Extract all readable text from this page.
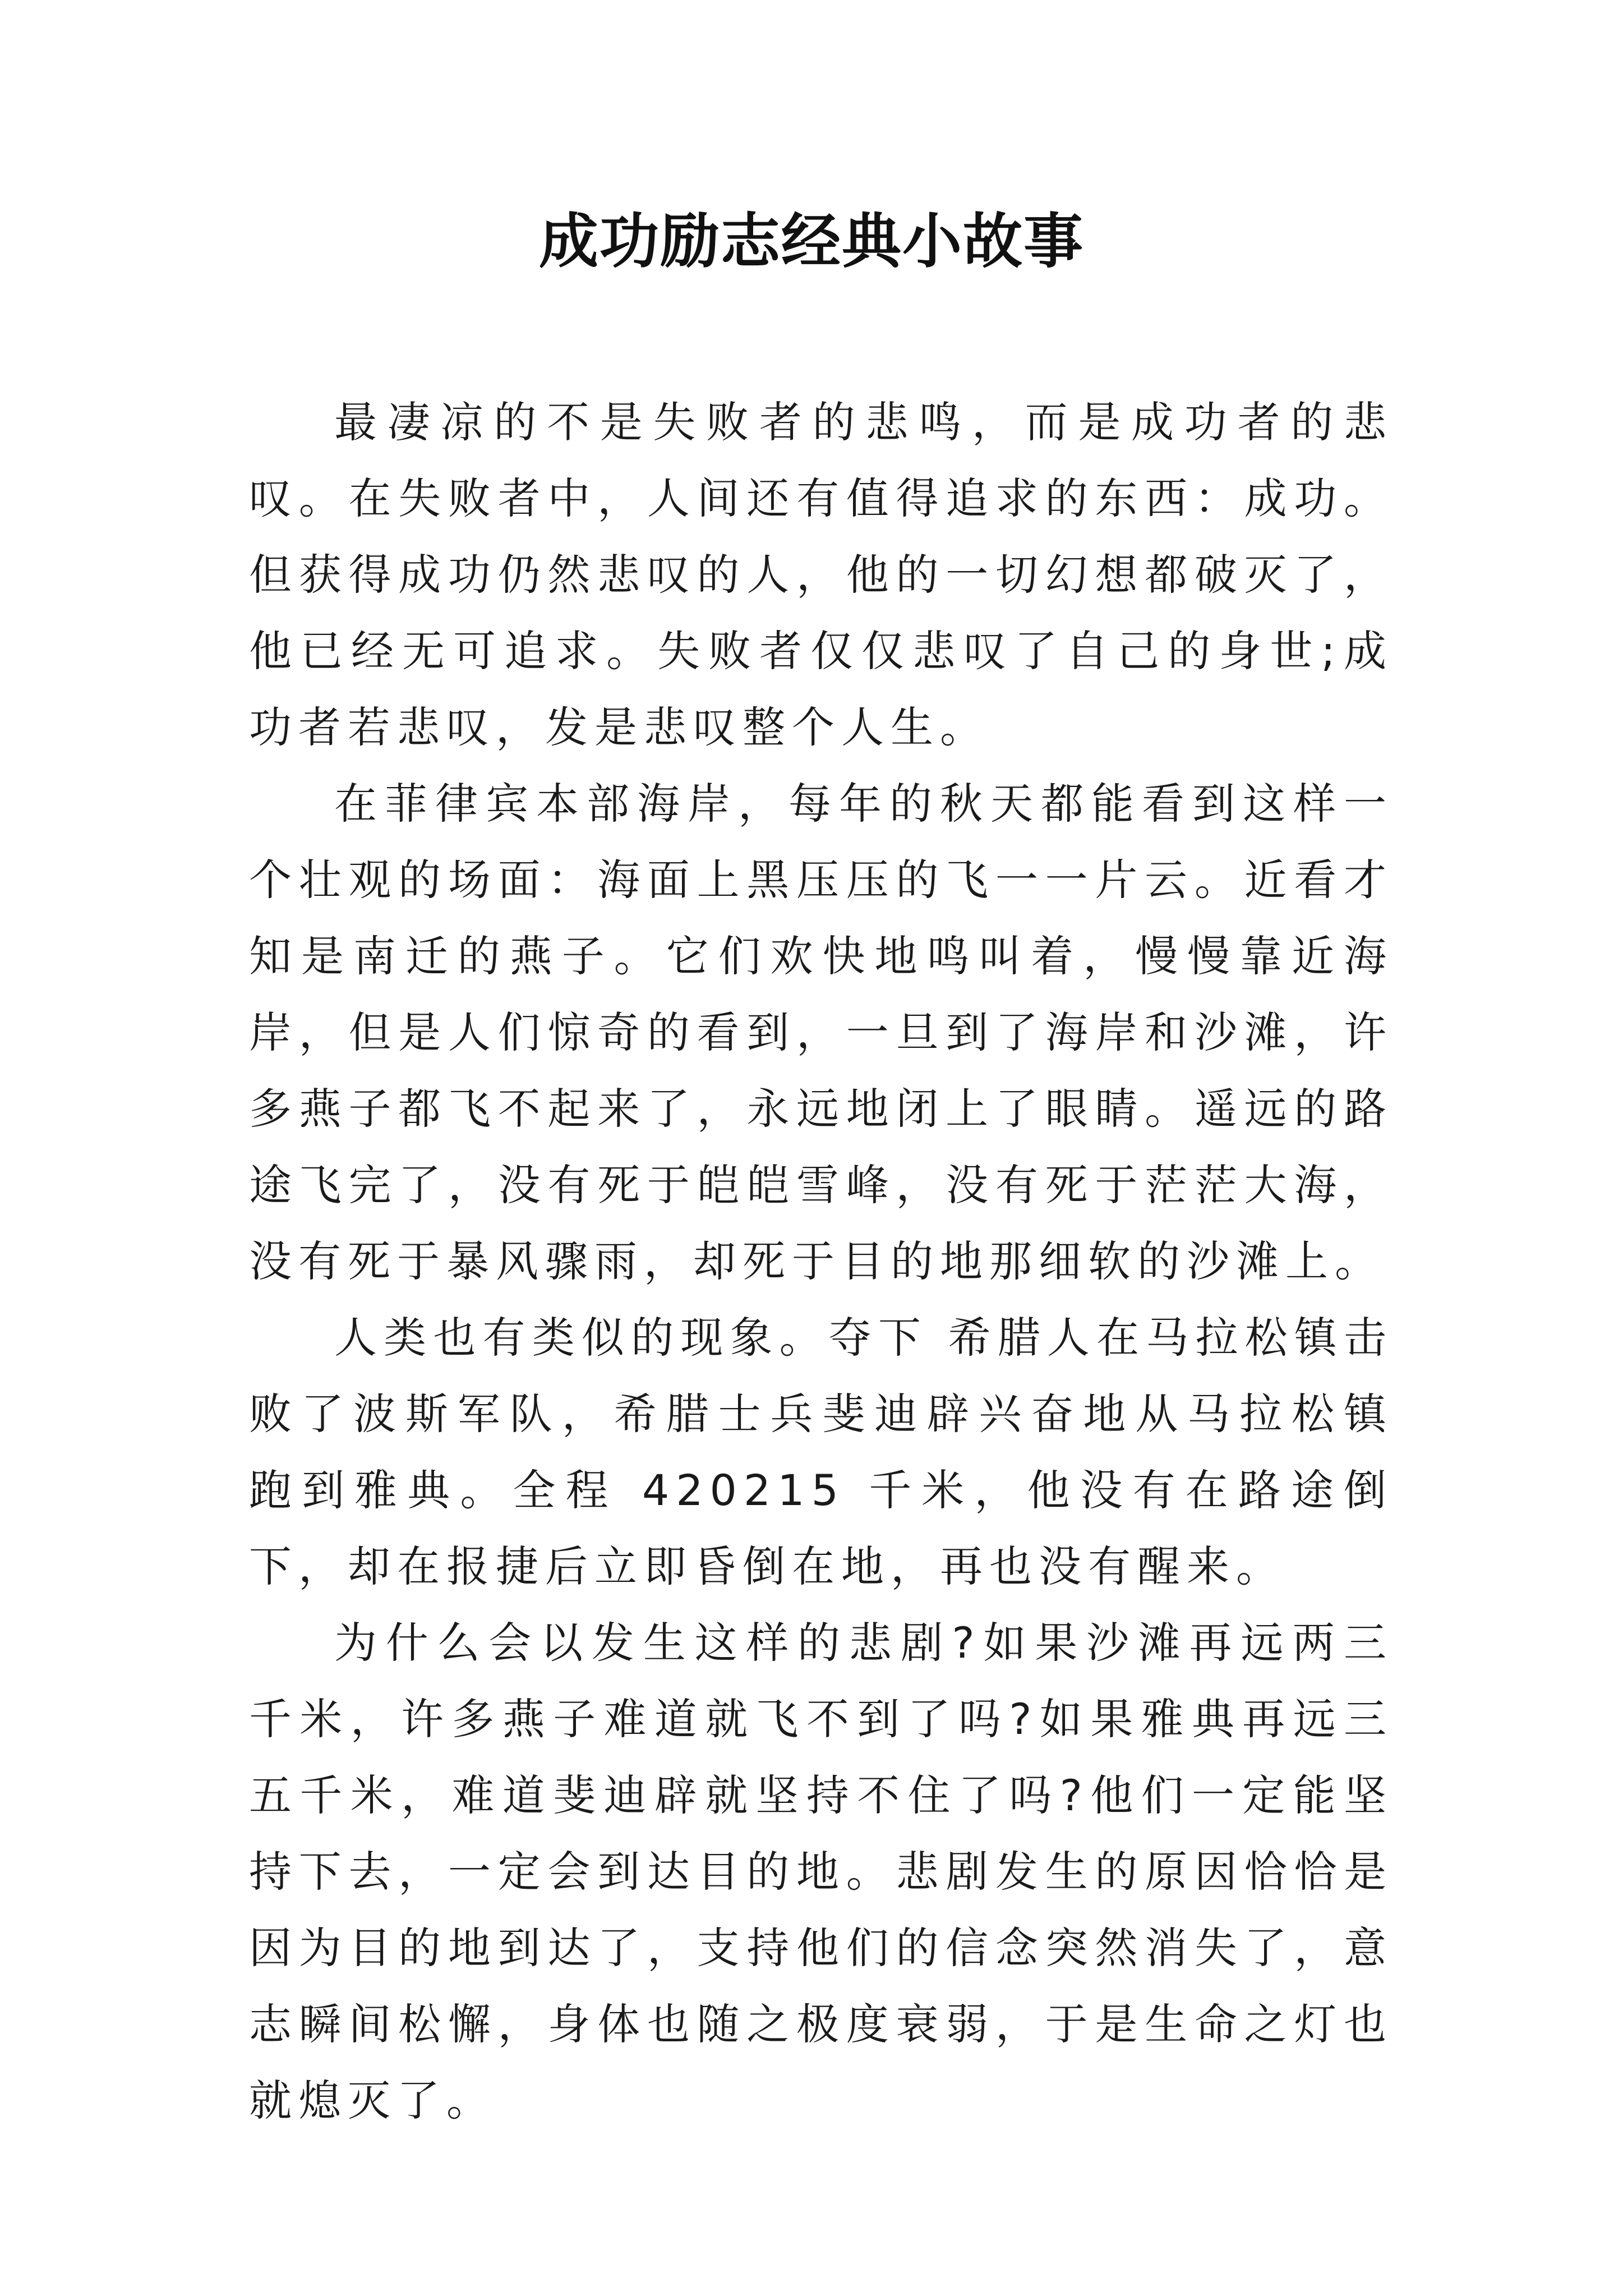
成功励志经典小故事

最凄凉的不是失败者的悲鸣，而是成功者的悲叹。在失败者中，人间还有值得追求的东西：成功。但获得成功仍然悲叹的人，他的一切幻想都破灭了，他已经无可追求。失败者仅仅悲叹了自己的身世;成功者若悲叹，发是悲叹整个人生。

在菲律宾本部海岸，每年的秋天都能看到这样一个壮观的场面：海面上黑压压的飞一一片云。近看才知是南迁的燕子。它们欢快地鸣叫着，慢慢靠近海岸，但是人们惊奇的看到，一旦到了海岸和沙滩，许多燕子都飞不起来了，永远地闭上了眼睛。遥远的路途飞完了，没有死于皑皑雪峰，没有死于茫茫大海，没有死于暴风骤雨，却死于目的地那细软的沙滩上。

人类也有类似的现象。夺下 希腊人在马拉松镇击败了波斯军队，希腊士兵斐迪辟兴奋地从马拉松镇 跑到雅典。全程 420215 千米，他没有在路途倒下，却在报捷后立即昏倒在地，再也没有醒来。

为什么会以发生这样的悲剧?如果沙滩再远两三千米，许多燕子难道就飞不到了吗?如果雅典再远三五千米，难道斐迪辟就坚持不住了吗?他们一定能坚持下去，一定会到达目的地。悲剧发生的原因恰恰是因为目的地到达了，支持他们的信念突然消失了，意志瞬间松懈，身体也随之极度衰弱，于是生命之灯也就熄灭了。
